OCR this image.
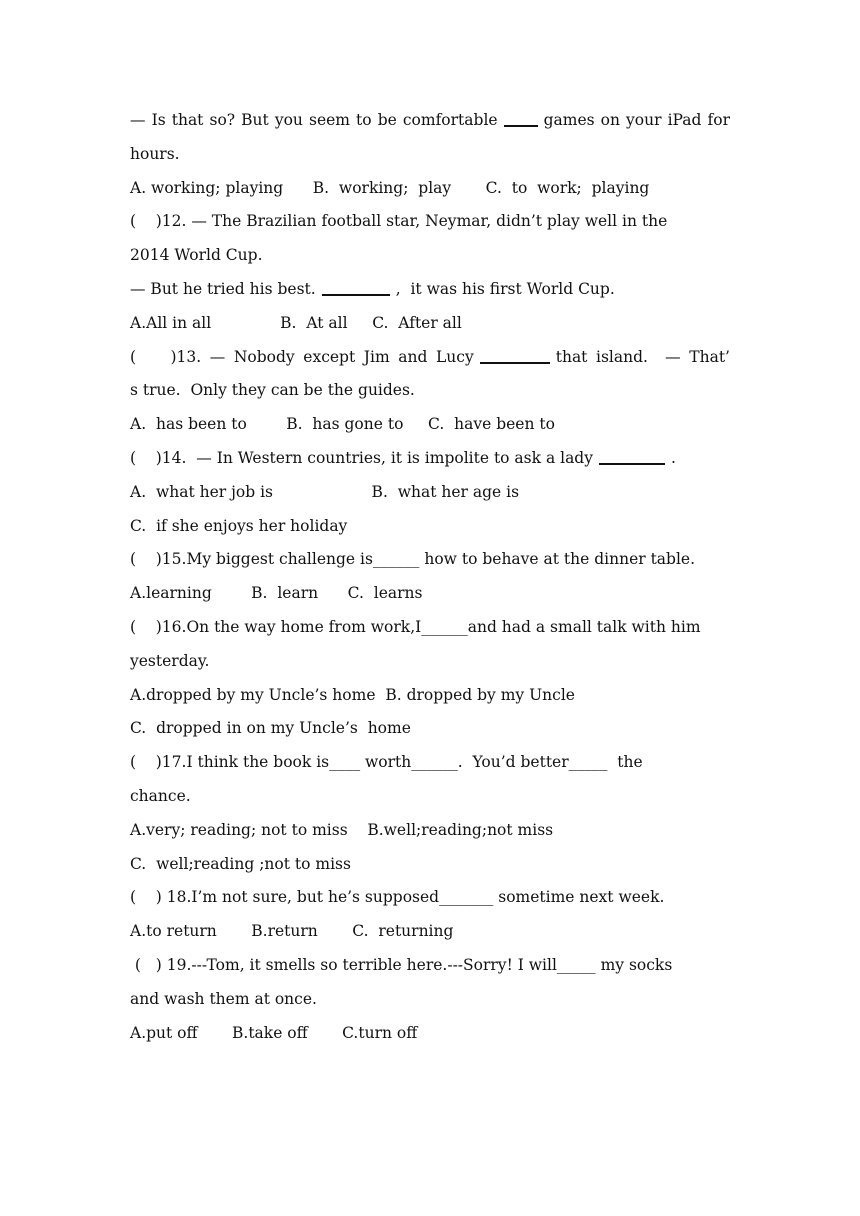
— Is that so? But you seem to be comfortable	games on your iPad for
hours.
A. working; playing      B.  working;  play       C.  to  work;  playing
(    )12. — The Brazilian football star, Neymar, didn’t play well in the
2014 World Cup.
— But he tried his best.	,  it was his first World Cup.
A.All in all              B.  At all     C.  After all
(    )13. — Nobody except Jim and Lucy	that island.  — That’
s true.  Only they can be the guides.
A.  has been to        B.  has gone to     C.  have been to
(    )14.  — In Western countries, it is impolite to ask a lady	.
A.  what her job is                    B.  what her age is
C.  if she enjoys her holiday
(    )15.My biggest challenge is______ how to behave at the dinner table.
A.learning        B.  learn      C.  learns
(    )16.On the way home from work,I______and had a small talk with him
yesterday.
A.dropped by my Uncle’s home  B. dropped by my Uncle
C.  dropped in on my Uncle’s  home
(    )17.I think the book is____ worth______.  You’d better_____  the
chance.
A.very; reading; not to miss    B.well;reading;not miss
C.  well;reading ;not to miss
(    ) 18.I’m not sure, but he’s supposed_______ sometime next week.
A.to return       B.return       C.  returning
(   ) 19.---Tom, it smells so terrible here.---Sorry! I will_____ my socks
and wash them at once.
A.put off       B.take off       C.turn off
